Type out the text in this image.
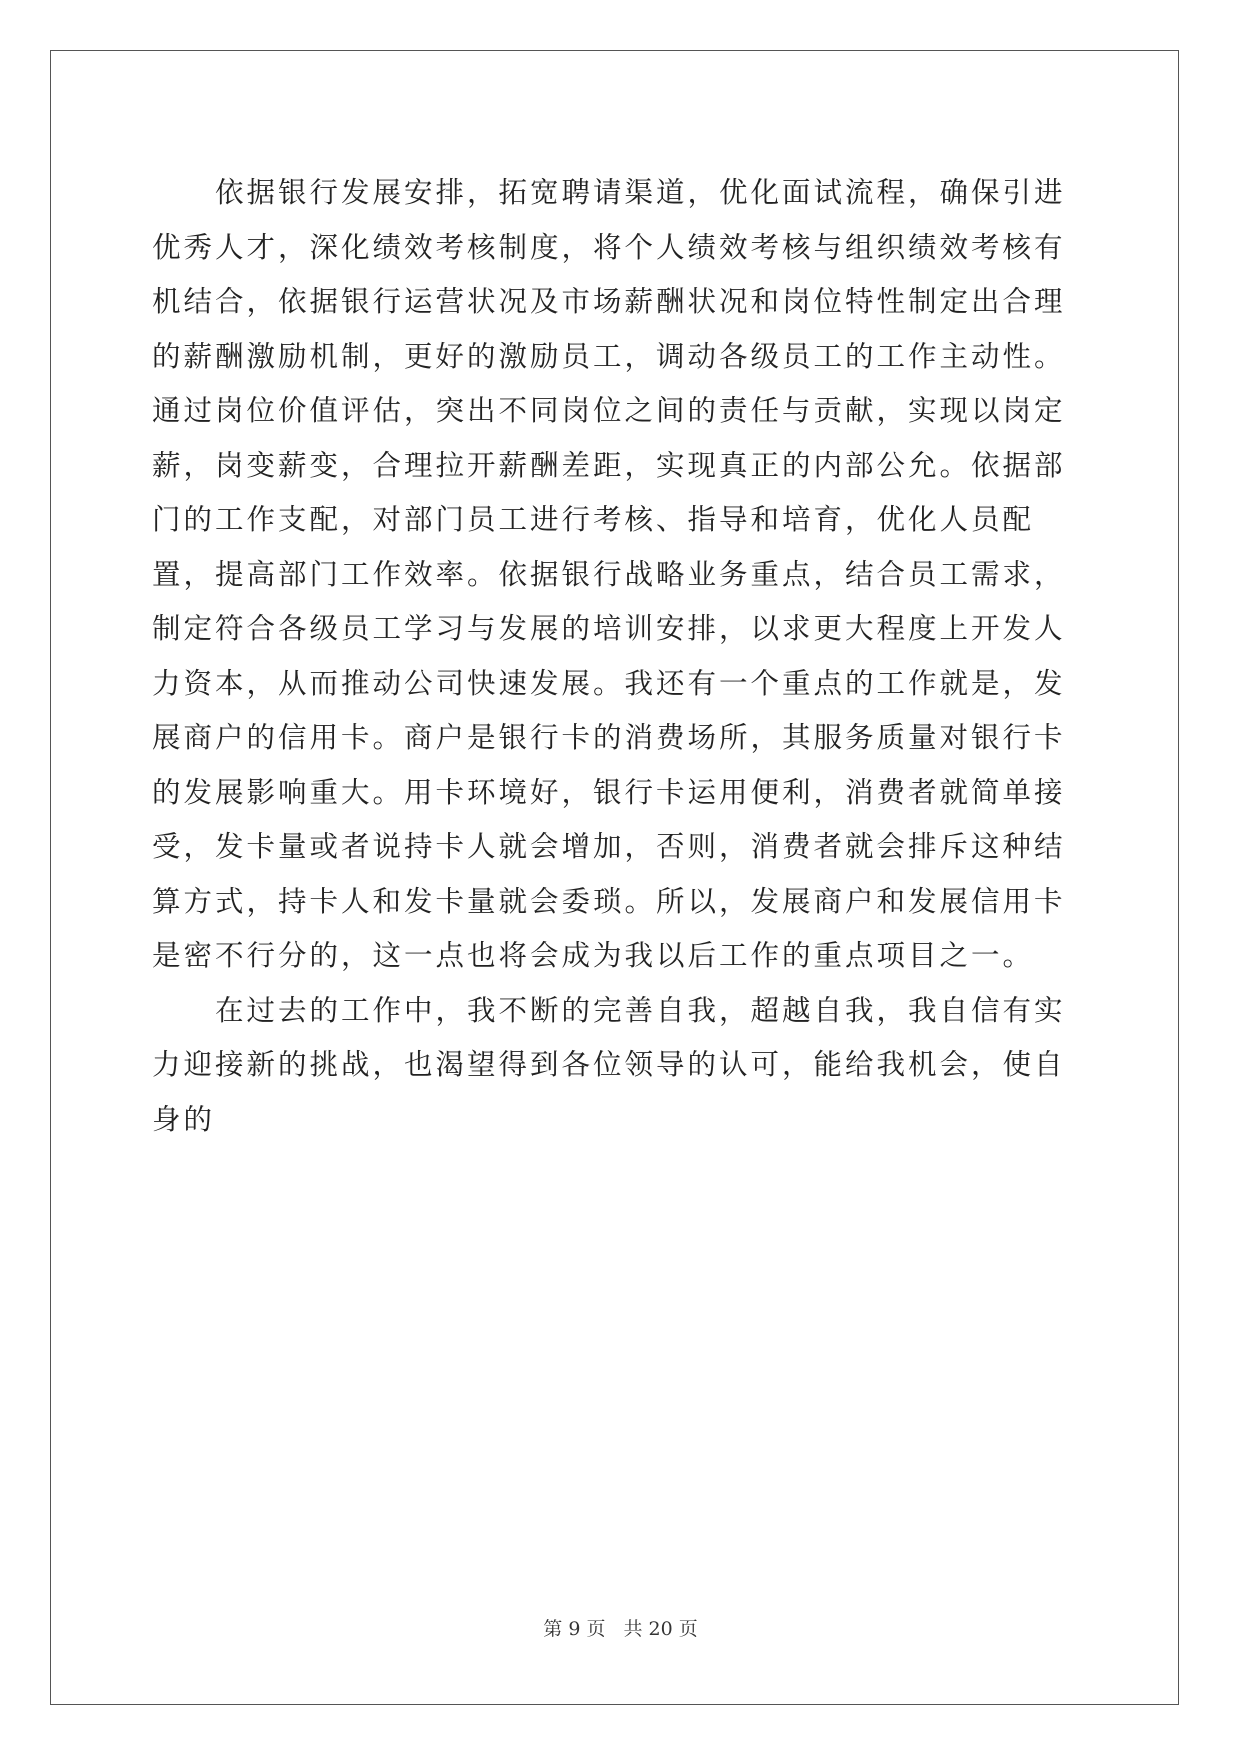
依据银行发展安排，拓宽聘请渠道，优化面试流程，确保引进优秀人才，深化绩效考核制度，将个人绩效考核与组织绩效考核有机结合，依据银行运营状况及市场薪酬状况和岗位特性制定出合理的薪酬激励机制，更好的激励员工，调动各级员工的工作主动性。通过岗位价值评估，突出不同岗位之间的责任与贡献，实现以岗定薪，岗变薪变，合理拉开薪酬差距，实现真正的内部公允。依据部门的工作支配，对部门员工进行考核、指导和培育，优化人员配置，提高部门工作效率。依据银行战略业务重点，结合员工需求，制定符合各级员工学习与发展的培训安排，以求更大程度上开发人力资本，从而推动公司快速发展。我还有一个重点的工作就是，发展商户的信用卡。商户是银行卡的消费场所，其服务质量对银行卡的发展影响重大。用卡环境好，银行卡运用便利，消费者就简单接受，发卡量或者说持卡人就会增加，否则，消费者就会排斥这种结算方式，持卡人和发卡量就会委琐。所以，发展商户和发展信用卡是密不行分的，这一点也将会成为我以后工作的重点项目之一。

在过去的工作中，我不断的完善自我，超越自我，我自信有实力迎接新的挑战，也渴望得到各位领导的认可，能给我机会，使自身的

第 9 页 共 20 页
